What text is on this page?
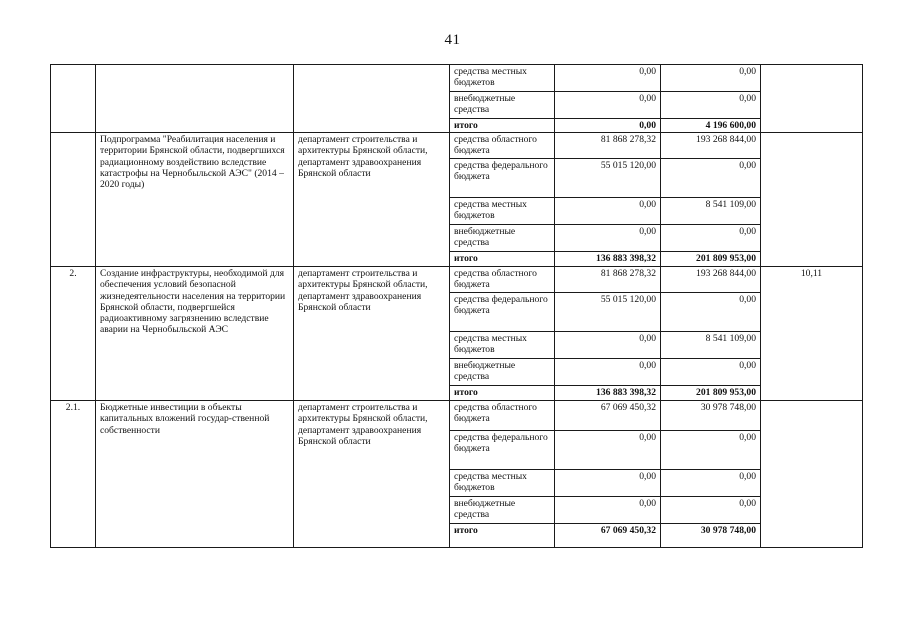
41
			средства местных бюджетов	0,00	0,00	
			внебюджетные средства	0,00	0,00	
			итого	0,00	4 196 600,00	
	Подпрограмма "Реабилитация населения и территории Брянской области, подвергшихся радиационному воздействию вследствие катастрофы на Чернобыльской АЭС" (2014 – 2020 годы)	департамент строительства и архитектуры Брянской области, департамент здравоохранения Брянской области	средства областного бюджета	81 868 278,32	193 268 844,00	
			средства федерального бюджета	55 015 120,00	0,00	
			средства местных бюджетов	0,00	8 541 109,00	
			внебюджетные средства	0,00	0,00	
			итого	136 883 398,32	201 809 953,00	
2.	Создание инфраструктуры, необходимой для обеспечения условий безопасной жизнедеятельности населения на территории Брянской области, подвергшейся радиоактивному загрязнению вследствие аварии на Чернобыльской АЭС	департамент строительства и архитектуры Брянской области, департамент здравоохранения Брянской области	средства областного бюджета	81 868 278,32	193 268 844,00	10,11
			средства федерального бюджета	55 015 120,00	0,00	
			средства местных бюджетов	0,00	8 541 109,00	
			внебюджетные средства	0,00	0,00	
			итого	136 883 398,32	201 809 953,00	
2.1.	Бюджетные инвестиции в объекты капитальных вложений государ-ственной собственности	департамент строительства и архитектуры Брянской области, департамент здравоохранения Брянской области	средства областного бюджета	67 069 450,32	30 978 748,00	
			средства федерального бюджета	0,00	0,00	
			средства местных бюджетов	0,00	0,00	
			внебюджетные средства	0,00	0,00	
			итого	67 069 450,32	30 978 748,00	
